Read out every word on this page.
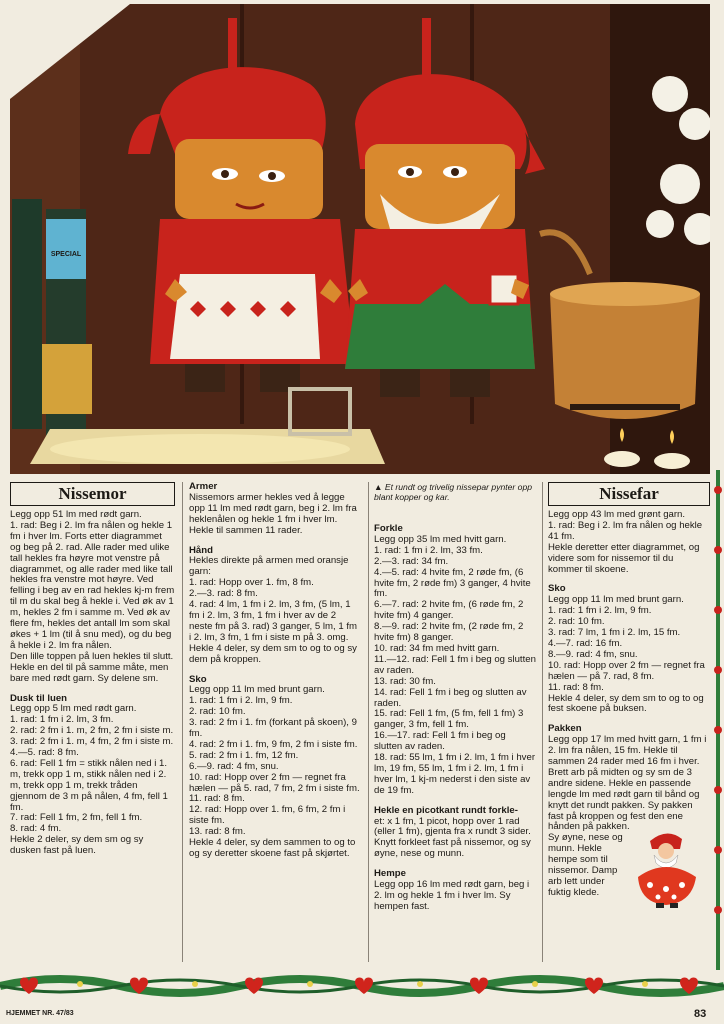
SPECIAL
Nissemor

Legg opp 51 lm med rødt garn.

1. rad: Beg i 2. lm fra nålen og hekle 1 fm i hver lm. Forts etter diagrammet og beg på 2. rad. Alle rader med ulike tall hekles fra høyre mot venstre på diagrammet, og alle rader med like tall hekles fra venstre mot høyre. Ved felling i beg av en rad hekles kj-m frem til m du skal beg å hekle i. Ved øk av 1 m, hekles 2 fm i samme m. Ved øk av flere fm, hekles det antall lm som skal økes + 1 lm (til å snu med), og du beg å hekle i 2. lm fra nålen.

Den lille toppen på luen hekles til slutt.

Hekle en del til på samme måte, men bare med rødt garn. Sy delene sm.

Dusk til luen

Legg opp 5 lm med rødt garn.

1. rad: 1 fm i 2. lm, 3 fm.

2. rad: 2 fm i 1. m, 2 fm, 2 fm i siste m.

3. rad: 2 fm i 1. m, 4 fm, 2 fm i siste m.

4.—5. rad: 8 fm.

6. rad: Fell 1 fm = stikk nålen ned i 1. m, trekk opp 1 m, stikk nålen ned i 2. m, trekk opp 1 m, trekk tråden gjennom de 3 m på nålen, 4 fm, fell 1 fm.

7. rad: Fell 1 fm, 2 fm, fell 1 fm.

8. rad: 4 fm.

Hekle 2 deler, sy dem sm og sy dusken fast på luen.

Armer

Nissemors armer hekles ved å legge opp 11 lm med rødt garn, beg i 2. lm fra heklenålen og hekle 1 fm i hver lm. Hekle til sammen 11 rader.

Hånd

Hekles direkte på armen med oransje garn:

1. rad: Hopp over 1. fm, 8 fm.

2.—3. rad: 8 fm.

4. rad: 4 lm, 1 fm i 2. lm, 3 fm, (5 lm, 1 fm i 2. lm, 3 fm, 1 fm i hver av de 2 neste fm på 3. rad) 3 ganger, 5 lm, 1 fm i 2. lm, 3 fm, 1 fm i siste m på 3. omg. Hekle 4 deler, sy dem sm to og to og sy dem på kroppen.

Sko

Legg opp 11 lm med brunt garn.

1. rad: 1 fm i 2. lm, 9 fm.

2. rad: 10 fm.

3. rad: 2 fm i 1. fm (forkant på skoen), 9 fm.

4. rad: 2 fm i 1. fm, 9 fm, 2 fm i siste fm.

5. rad: 2 fm i 1. fm, 12 fm.

6.—9. rad: 4 fm, snu.

10. rad: Hopp over 2 fm — regnet fra hælen — på 5. rad, 7 fm, 2 fm i siste fm.

11. rad: 8 fm.

12. rad: Hopp over 1. fm, 6 fm, 2 fm i siste fm.

13. rad: 8 fm.

Hekle 4 deler, sy dem sammen to og to og sy deretter skoene fast på skjørtet.

▲ Et rundt og trivelig nissepar pynter opp blant kopper og kar.

Forkle

Legg opp 35 lm med hvitt garn.

1. rad: 1 fm i 2. lm, 33 fm.

2.—3. rad: 34 fm.

4.—5. rad: 4 hvite fm, 2 røde fm, (6 hvite fm, 2 røde fm) 3 ganger, 4 hvite fm.

6.—7. rad: 2 hvite fm, (6 røde fm, 2 hvite fm) 4 ganger.

8.—9. rad: 2 hvite fm, (2 røde fm, 2 hvite fm) 8 ganger.

10. rad: 34 fm med hvitt garn.

11.—12. rad: Fell 1 fm i beg og slutten av raden.

13. rad: 30 fm.

14. rad: Fell 1 fm i beg og slutten av raden.

15. rad: Fell 1 fm, (5 fm, fell 1 fm) 3 ganger, 3 fm, fell 1 fm.

16.—17. rad: Fell 1 fm i beg og slutten av raden.

18. rad: 55 lm, 1 fm i 2. lm, 1 fm i hver lm, 19 fm, 55 lm, 1 fm i 2. lm, 1 fm i hver lm, 1 kj-m nederst i den siste av de 19 fm.

Hekle en picotkant rundt forkle-

et: x 1 fm, 1 picot, hopp over 1 rad (eller 1 fm), gjenta fra x rundt 3 sider.

Knytt forkleet fast på nissemor, og sy øyne, nese og munn.

Hempe

Legg opp 16 lm med rødt garn, beg i 2. lm og hekle 1 fm i hver lm. Sy hempen fast.

Nissefar

Legg opp 43 lm med grønt garn.

1. rad: Beg i 2. lm fra nålen og hekle 41 fm.

Hekle deretter etter diagrammet, og videre som for nissemor til du kommer til skoene.

Sko

Legg opp 11 lm med brunt garn.

1. rad: 1 fm i 2. lm, 9 fm.

2. rad: 10 fm.

3. rad: 7 lm, 1 fm i 2. lm, 15 fm.

4.—7. rad: 16 fm.

8.—9. rad: 4 fm, snu.

10. rad: Hopp over 2 fm — regnet fra hælen — på 7. rad, 8 fm.

11. rad: 8 fm.

Hekle 4 deler, sy dem sm to og to og fest skoene på buksen.

Pakken

Legg opp 17 lm med hvitt garn, 1 fm i 2. lm fra nålen, 15 fm. Hekle til sammen 24 rader med 16 fm i hver.

Brett arb på midten og sy sm de 3 andre sidene. Hekle en passende lengde lm med rødt garn til bånd og knytt det rundt pakken. Sy pakken fast på kroppen og fest den ene hånden på pakken.

Sy øyne, nese og munn. Hekle hempe som til nissemor. Damp arb lett under fuktig klede.

HJEMMET NR. 47/83	83
